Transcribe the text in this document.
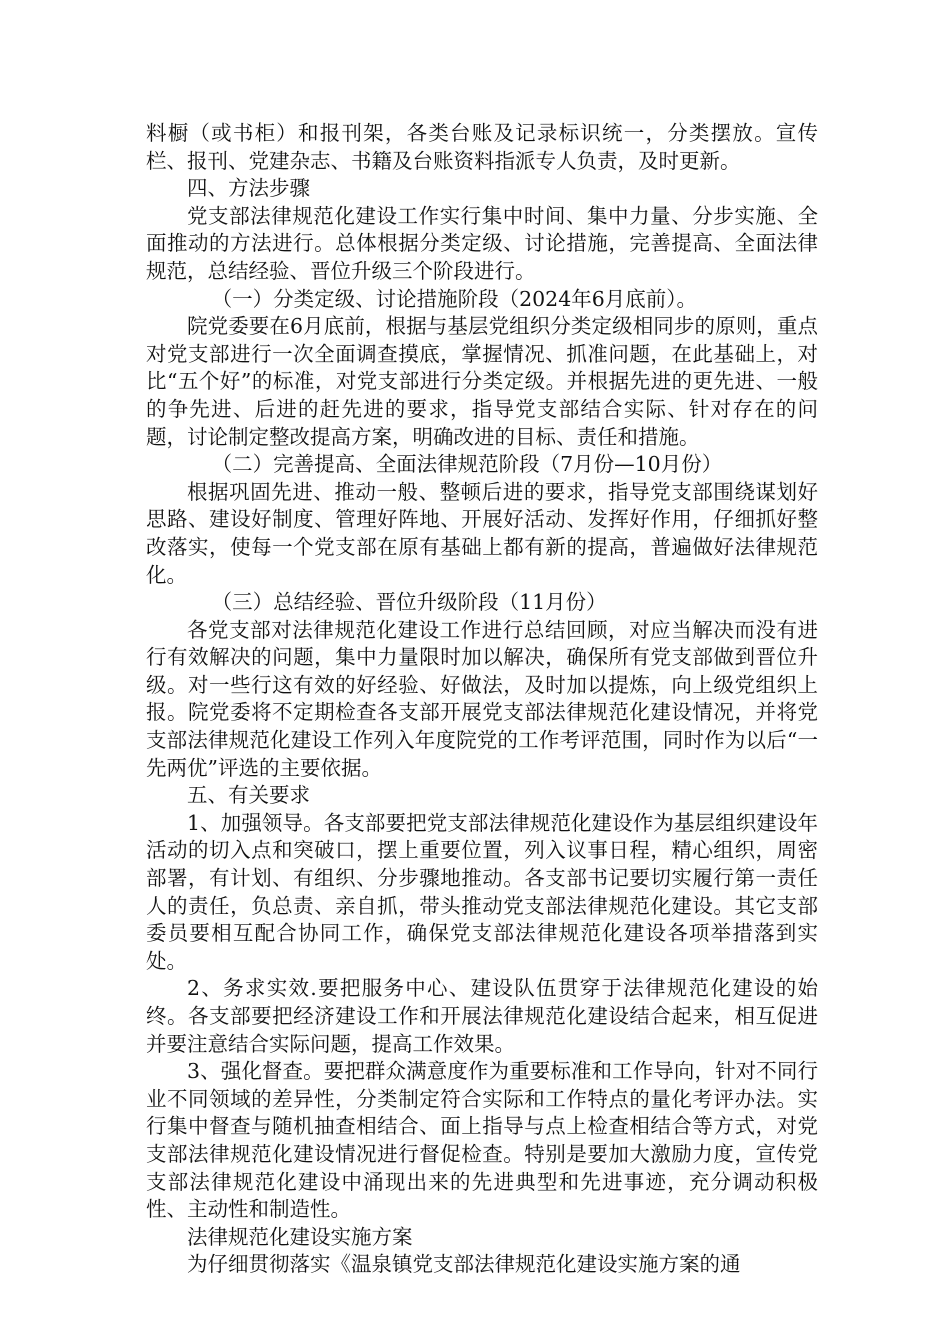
料橱（或书柜）和报刊架，各类台账及记录标识统一，分类摆放。宣传栏、报刊、党建杂志、书籍及台账资料指派专人负责，及时更新。

四、方法步骤

党支部法律规范化建设工作实行集中时间、集中力量、分步实施、全面推动的方法进行。总体根据分类定级、讨论措施，完善提高、全面法律规范，总结经验、晋位升级三个阶段进行。

（一）分类定级、讨论措施阶段（2024年6月底前）。

院党委要在6月底前，根据与基层党组织分类定级相同步的原则，重点对党支部进行一次全面调查摸底，掌握情况、抓准问题，在此基础上，对比“五个好”的标准，对党支部进行分类定级。并根据先进的更先进、一般的争先进、后进的赶先进的要求，指导党支部结合实际、针对存在的问题，讨论制定整改提高方案，明确改进的目标、责任和措施。

（二）完善提高、全面法律规范阶段（7月份—10月份）

根据巩固先进、推动一般、整顿后进的要求，指导党支部围绕谋划好思路、建设好制度、管理好阵地、开展好活动、发挥好作用，仔细抓好整改落实，使每一个党支部在原有基础上都有新的提高，普遍做好法律规范化。

（三）总结经验、晋位升级阶段（11月份）

各党支部对法律规范化建设工作进行总结回顾，对应当解决而没有进行有效解决的问题，集中力量限时加以解决，确保所有党支部做到晋位升级。对一些行这有效的好经验、好做法，及时加以提炼，向上级党组织上报。院党委将不定期检查各支部开展党支部法律规范化建设情况，并将党支部法律规范化建设工作列入年度院党的工作考评范围，同时作为以后“一先两优”评选的主要依据。

五、有关要求

1、加强领导。各支部要把党支部法律规范化建设作为基层组织建设年活动的切入点和突破口，摆上重要位置，列入议事日程，精心组织，周密部署，有计划、有组织、分步骤地推动。各支部书记要切实履行第一责任人的责任，负总责、亲自抓，带头推动党支部法律规范化建设。其它支部委员要相互配合协同工作，确保党支部法律规范化建设各项举措落到实处。

2、务求实效.要把服务中心、建设队伍贯穿于法律规范化建设的始终。各支部要把经济建设工作和开展法律规范化建设结合起来，相互促进并要注意结合实际问题，提高工作效果。

3、强化督查。要把群众满意度作为重要标准和工作导向，针对不同行业不同领域的差异性，分类制定符合实际和工作特点的量化考评办法。实行集中督查与随机抽查相结合、面上指导与点上检查相结合等方式，对党支部法律规范化建设情况进行督促检查。特别是要加大激励力度，宣传党支部法律规范化建设中涌现出来的先进典型和先进事迹，充分调动积极性、主动性和制造性。

法律规范化建设实施方案

为仔细贯彻落实《温泉镇党支部法律规范化建设实施方案的通
